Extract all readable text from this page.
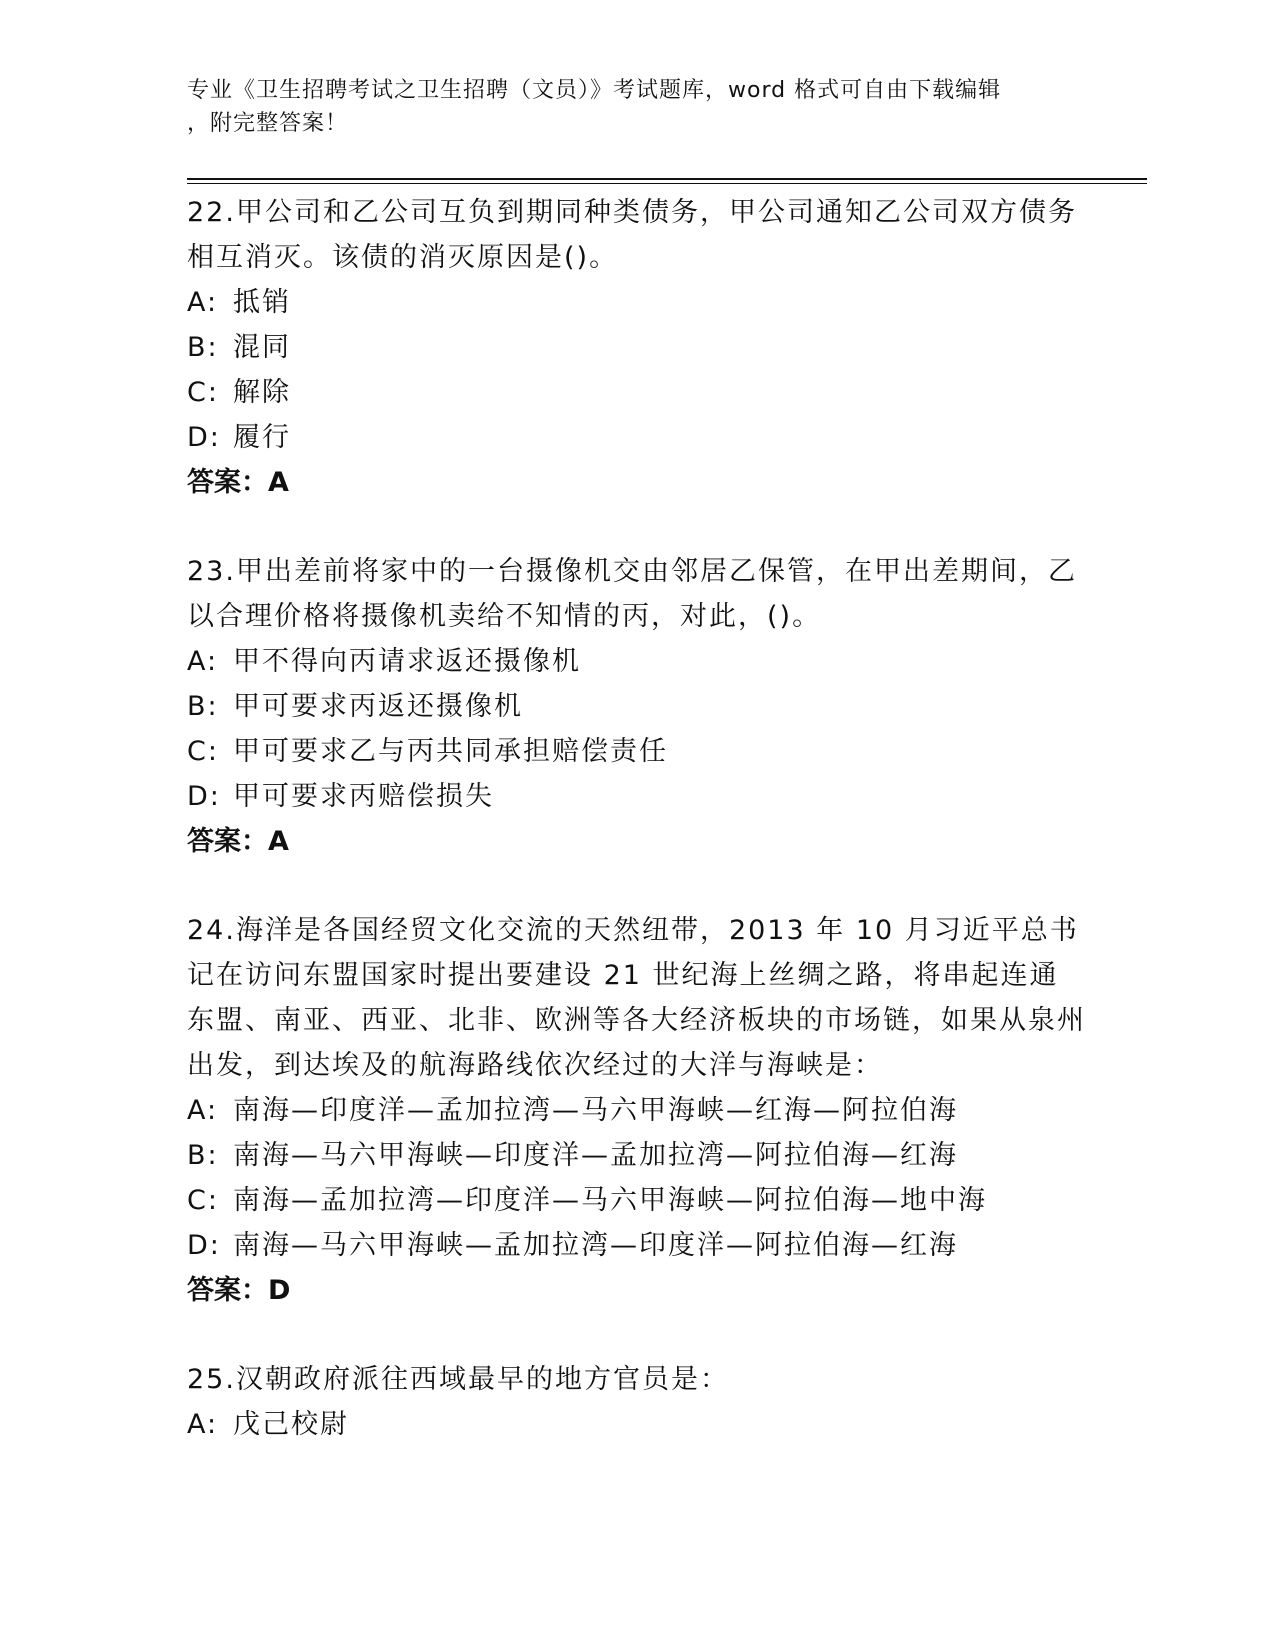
专业《卫生招聘考试之卫生招聘（文员）》考试题库，word 格式可自由下载编辑
，附完整答案！

22.甲公司和乙公司互负到期同种类债务，甲公司通知乙公司双方债务相互消灭。该债的消灭原因是()。

A: 抵销

B: 混同

C: 解除

D: 履行

答案：A

23.甲出差前将家中的一台摄像机交由邻居乙保管，在甲出差期间，乙以合理价格将摄像机卖给不知情的丙，对此，()。

A: 甲不得向丙请求返还摄像机

B: 甲可要求丙返还摄像机

C: 甲可要求乙与丙共同承担赔偿责任

D: 甲可要求丙赔偿损失

答案：A

24.海洋是各国经贸文化交流的天然纽带，2013 年 10 月习近平总书记在访问东盟国家时提出要建设 21 世纪海上丝绸之路，将串起连通东盟、南亚、西亚、北非、欧洲等各大经济板块的市场链，如果从泉州出发，到达埃及的航海路线依次经过的大洋与海峡是：

A: 南海—印度洋—孟加拉湾—马六甲海峡—红海—阿拉伯海

B: 南海—马六甲海峡—印度洋—孟加拉湾—阿拉伯海—红海

C: 南海—孟加拉湾—印度洋—马六甲海峡—阿拉伯海—地中海

D: 南海—马六甲海峡—孟加拉湾—印度洋—阿拉伯海—红海

答案：D

25.汉朝政府派往西域最早的地方官员是：

A: 戊己校尉
